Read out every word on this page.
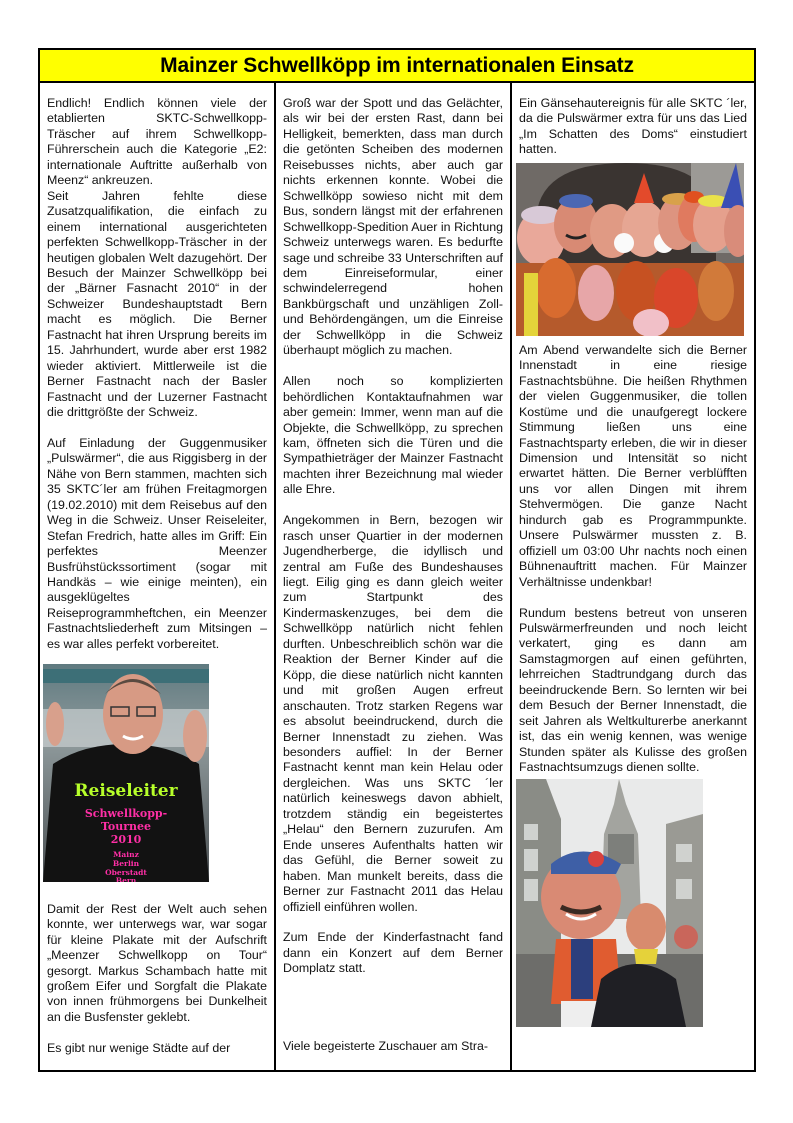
Mainzer Schwellköpp im internationalen Einsatz

Endlich! Endlich können viele der etablierten SKTC-Schwellkopp-Träscher auf ihrem Schwellkopp-Führerschein auch die Kategorie „E2: internationale Auftritte außerhalb von Meenz“ ankreuzen.

Seit Jahren fehlte diese Zusatzqualifikation, die einfach zu einem international ausgerichteten perfekten Schwellkopp-Träscher in der heutigen globalen Welt dazugehört. Der Besuch der Mainzer Schwellköpp bei der „Bärner Fasnacht 2010“ in der Schweizer Bundeshauptstadt Bern macht es möglich. Die Berner Fastnacht hat ihren Ursprung bereits im 15. Jahrhundert, wurde aber erst 1982 wieder aktiviert. Mittlerweile ist die Berner Fastnacht nach der Basler Fastnacht und der Luzerner Fastnacht die drittgrößte der Schweiz.

Auf Einladung der Guggenmusiker „Pulswärmer“, die aus Riggisberg in der Nähe von Bern stammen, machten sich 35 SKTC´ler am frühen Freitagmorgen (19.02.2010) mit dem Reisebus auf den Weg in die Schweiz. Unser Reiseleiter, Stefan Fredrich, hatte alles im Griff: Ein perfektes Meenzer Busfrühstückssortiment (sogar mit Handkäs – wie einige meinten), ein ausgeklügeltes Reiseprogrammheftchen, ein Meenzer Fastnachtsliederheft zum Mitsingen – es war alles perfekt vorbereitet.

Reiseleiter
Schwellkopp-
Tournee
2010
Mainz
Berlin
Oberstadt
Bern

Damit der Rest der Welt auch sehen konnte, wer unterwegs war, war sogar für kleine Plakate mit der Aufschrift „Meenzer Schwellkopp on Tour“ gesorgt. Markus Schambach hatte mit großem Eifer und Sorgfalt die Plakate von innen frühmorgens bei Dunkelheit an die Busfenster geklebt.

Es gibt nur wenige Städte auf der

Groß war der Spott und das Gelächter, als wir bei der ersten Rast, dann bei Helligkeit, bemerkten, dass man durch die getönten Scheiben des modernen Reisebusses nichts, aber auch gar nichts erkennen konnte. Wobei die Schwellköpp sowieso nicht mit dem Bus, sondern längst mit der erfahrenen Schwellkopp-Spedition Auer in Richtung Schweiz unterwegs waren. Es bedurfte sage und schreibe 33 Unterschriften auf dem Einreiseformular, einer schwindelerregend hohen Bankbürgschaft und unzähligen Zoll- und Behördengängen, um die Einreise der Schwellköpp in die Schweiz überhaupt möglich zu machen.

Allen noch so komplizierten behördlichen Kontaktaufnahmen war aber gemein: Immer, wenn man auf die Objekte, die Schwellköpp, zu sprechen kam, öffneten sich die Türen und die Sympathieträger der Mainzer Fastnacht machten ihrer Bezeichnung mal wieder alle Ehre.

Angekommen in Bern, bezogen wir rasch unser Quartier in der modernen Jugendherberge, die idyllisch und zentral am Fuße des Bundeshauses liegt. Eilig ging es dann gleich weiter zum Startpunkt des Kindermaskenzuges, bei dem die Schwellköpp natürlich nicht fehlen durften. Unbeschreiblich schön war die Reaktion der Berner Kinder auf die Köpp, die diese natürlich nicht kannten und mit großen Augen erfreut anschauten. Trotz starken Regens war es absolut beeindruckend, durch die Berner Innenstadt zu ziehen. Was besonders auffiel: In der Berner Fastnacht kennt man kein Helau oder dergleichen. Was uns SKTC ´ler natürlich keineswegs davon abhielt, trotzdem ständig ein begeistertes „Helau“ den Bernern zuzurufen. Am Ende unseres Aufenthalts hatten wir das Gefühl, die Berner soweit zu haben. Man munkelt bereits, dass die Berner zur Fastnacht 2011 das Helau offiziell einführen wollen.

Zum Ende der Kinderfastnacht fand dann ein Konzert auf dem Berner Domplatz statt.

Viele begeisterte Zuschauer am Stra-

Ein Gänsehautereignis für alle SKTC ´ler, da die Pulswärmer extra für uns das Lied „Im Schatten des Doms“ einstudiert hatten.

Am Abend verwandelte sich die Berner Innenstadt in eine riesige Fastnachtsbühne. Die heißen Rhythmen der vielen Guggenmusiker, die tollen Kostüme und die unaufgeregt lockere Stimmung ließen uns eine Fastnachtsparty erleben, die wir in dieser Dimension und Intensität so nicht erwartet hätten. Die Berner verblüfften uns vor allen Dingen mit ihrem Stehvermögen. Die ganze Nacht hindurch gab es Programmpunkte. Unsere Pulswärmer mussten z. B. offiziell um 03:00 Uhr nachts noch einen Bühnenauftritt machen. Für Mainzer Verhältnisse undenkbar!

Rundum bestens betreut von unseren Pulswärmerfreunden und noch leicht verkatert, ging es dann am Samstagmorgen auf einen geführten, lehrreichen Stadtrundgang durch das beeindruckende Bern. So lernten wir bei dem Besuch der Berner Innenstadt, die seit Jahren als Weltkulturerbe anerkannt ist, das ein wenig kennen, was wenige Stunden später als Kulisse des großen Fastnachtsumzugs dienen sollte.
